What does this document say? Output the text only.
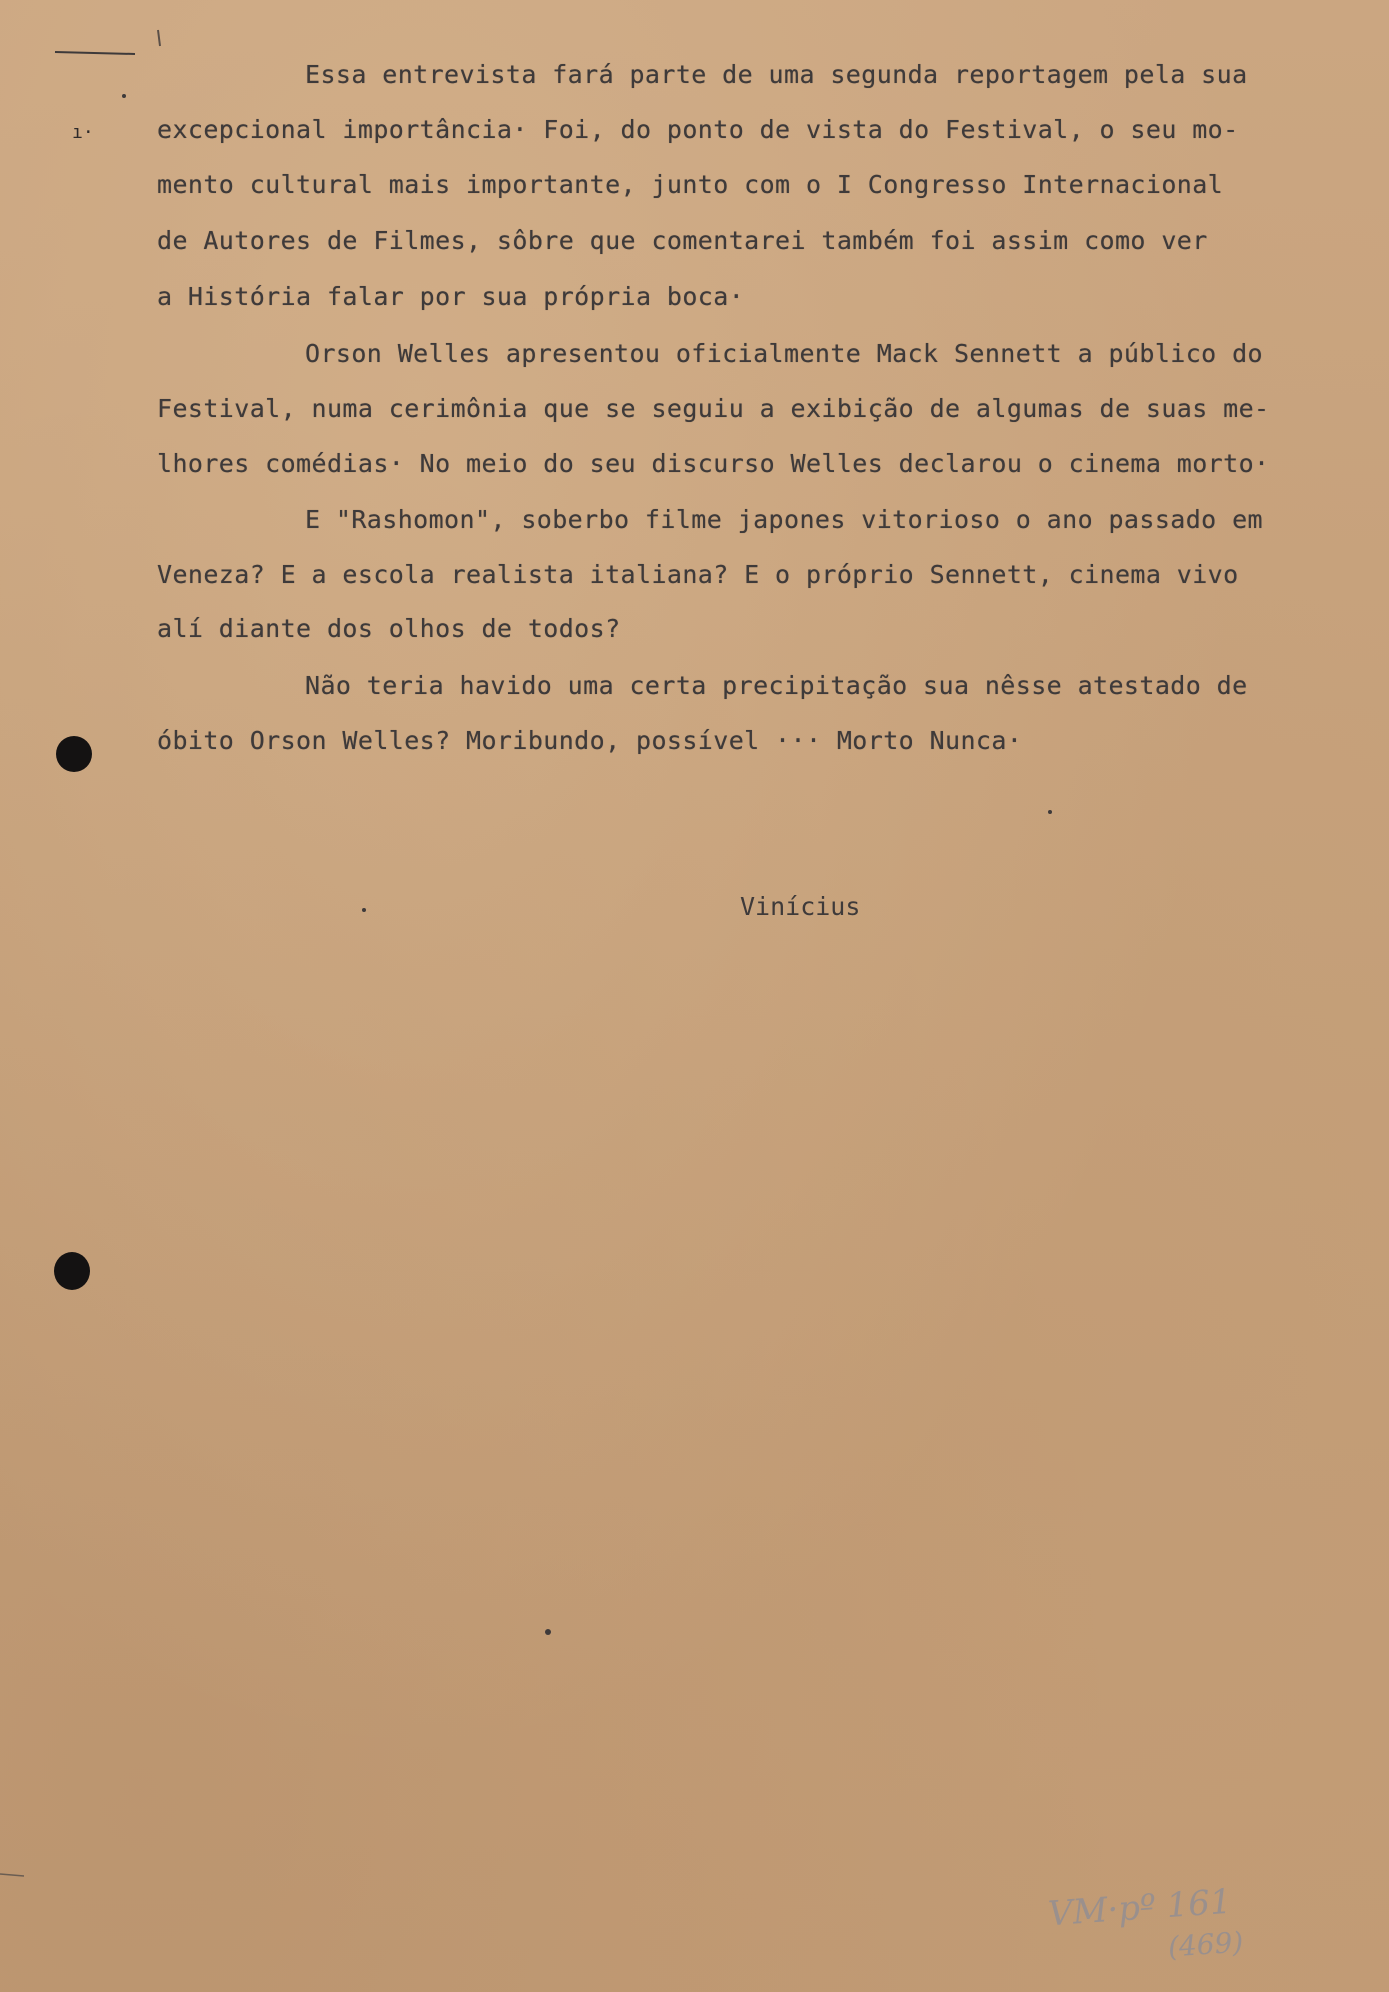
Essa entrevista fará parte de uma segunda reportagem pela sua
excepcional importância· Foi, do ponto de vista do Festival, o seu mo-
mento cultural mais importante, junto com o I Congresso Internacional
de Autores de Filmes, sôbre que comentarei também foi assim como ver
a História falar por sua própria boca·
Orson Welles apresentou oficialmente Mack Sennett a público do
Festival, numa cerimônia que se seguiu a exibição de algumas de suas me-
lhores comédias· No meio do seu discurso Welles declarou o cinema morto·
E "Rashomon", soberbo filme japones vitorioso o ano passado em
Veneza? E a escola realista italiana? E o próprio Sennett, cinema vivo
alí diante dos olhos de todos?
Não teria havido uma certa precipitação sua nêsse atestado de
óbito Orson Welles? Moribundo, possível ··· Morto Nunca·
Vinícius
VM·pº 161
(469)
ı·
